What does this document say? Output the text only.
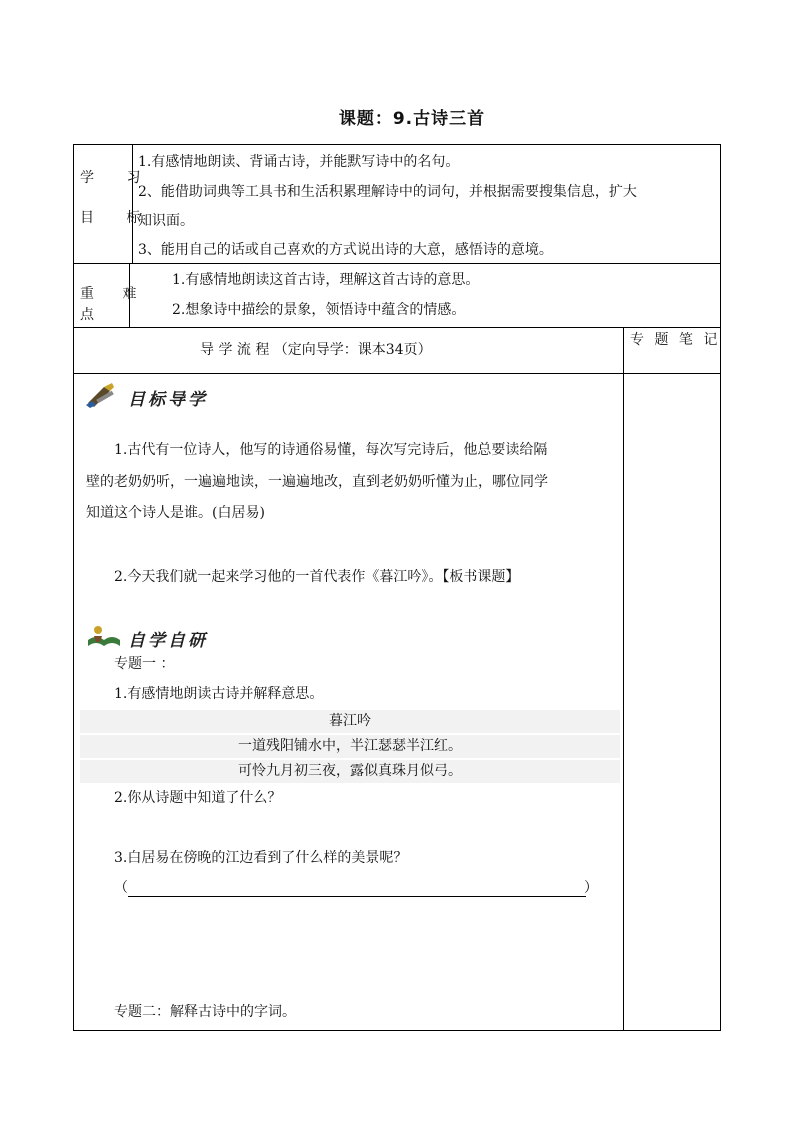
课题：9.古诗三首
学 习
目 标
1.有感情地朗读、背诵古诗，并能默写诗中的名句。
2、能借助词典等工具书和生活积累理解诗中的词句，并根据需要搜集信息，扩大
知识面。
3、能用自己的话或自己喜欢的方式说出诗的大意，感悟诗的意境。
重 难
点
1.有感情地朗读这首古诗，理解这首古诗的意思。
2.想象诗中描绘的景象，领悟诗中蕴含的情感。
导 学 流 程 （定向导学：课本34页）
专 题 笔 记
目标导学
1.古代有一位诗人，他写的诗通俗易懂，每次写完诗后，他总要读给隔
壁的老奶奶听，一遍遍地读，一遍遍地改，直到老奶奶听懂为止，哪位同学
知道这个诗人是谁。(白居易)
2.今天我们就一起来学习他的一首代表作《暮江吟》。【板书课题】
自学自研
专题一 ：
1.有感情地朗读古诗并解释意思。
暮江吟
一道残阳铺水中，半江瑟瑟半江红。
可怜九月初三夜，露似真珠月似弓。
2.你从诗题中知道了什么？
3.白居易在傍晚的江边看到了什么样的美景呢？
（	）
专题二：解释古诗中的字词。
